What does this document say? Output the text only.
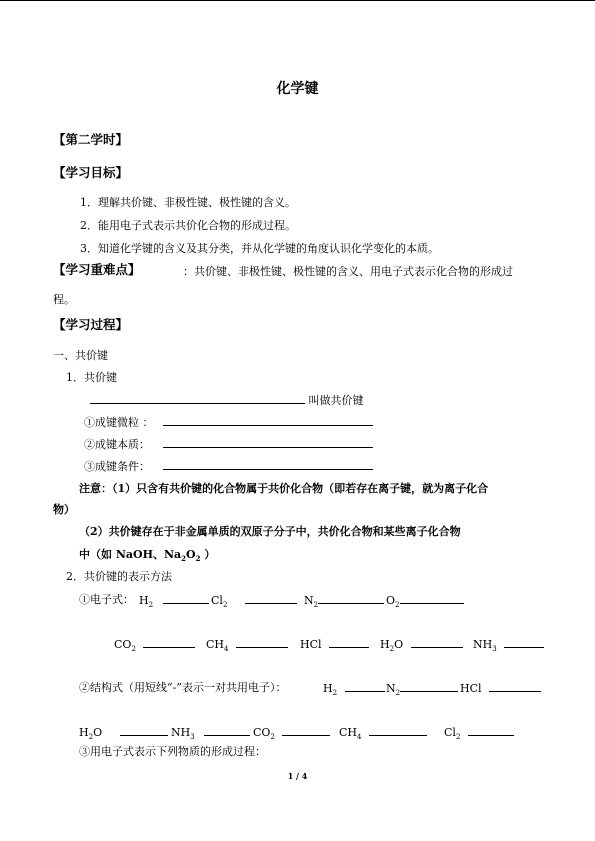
化学键
【第二学时】
【学习目标】
1．理解共价键、非极性键、极性键的含义。
2．能用电子式表示共价化合物的形成过程。
3．知道化学键的含义及其分类，并从化学键的角度认识化学变化的本质。
【学习重难点】	：共价键、非极性键、极性键的含义、用电子式表示化合物的形成过
程。
【学习过程】
一、共价键
1．共价键
叫做共价键
①成键微粒 ：
②成键本质：
③成键条件：
注意：（1）只含有共价键的化合物属于共价化合物（即若存在离子键，就为离子化合
物）
（2）共价键存在于非金属单质的双原子分子中，共价化合物和某些离子化合物
中（如 NaOH、$Na_2O_2$ ）
2．共价键的表示方法
①电子式： $H_2$	$Cl_2$	$N_2$	$O_2$
$CO_2$	$CH_4$	HCl	$H_2O$	$NH_3$
②结构式（用短线“-”表示一对共用电子）：	$H_2$	$N_2$	HCl
$H_2O$	$NH_3$	$CO_2$	$CH_4$	$Cl_2$
③用电子式表示下列物质的形成过程：
1 / 4
